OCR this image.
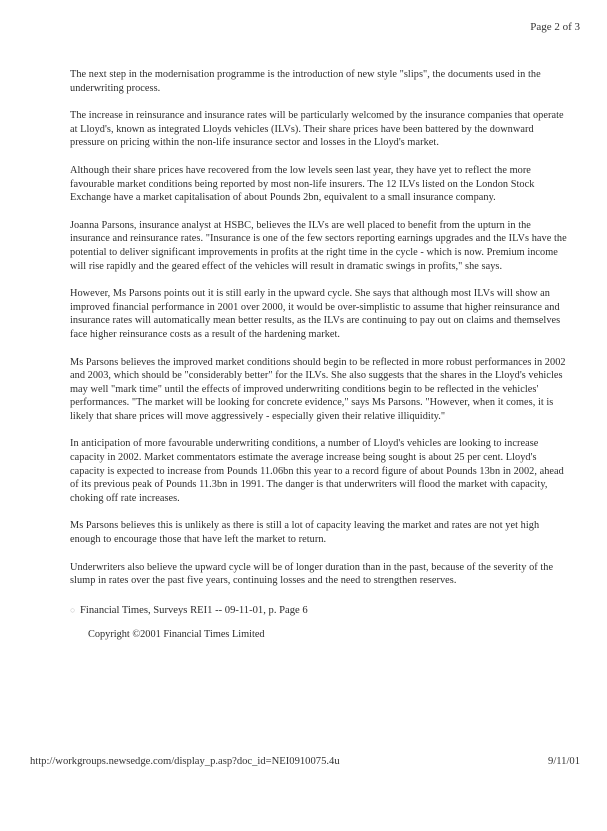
Page 2 of 3

The next step in the modernisation programme is the introduction of new style "slips", the documents used in the underwriting process.

The increase in reinsurance and insurance rates will be particularly welcomed by the insurance companies that operate at Lloyd's, known as integrated Lloyds vehicles (ILVs). Their share prices have been battered by the downward pressure on pricing within the non-life insurance sector and losses in the Lloyd's market.

Although their share prices have recovered from the low levels seen last year, they have yet to reflect the more favourable market conditions being reported by most non-life insurers. The 12 ILVs listed on the London Stock Exchange have a market capitalisation of about Pounds 2bn, equivalent to a small insurance company.

Joanna Parsons, insurance analyst at HSBC, believes the ILVs are well placed to benefit from the upturn in the insurance and reinsurance rates. "Insurance is one of the few sectors reporting earnings upgrades and the ILVs have the potential to deliver significant improvements in profits at the right time in the cycle - which is now. Premium income will rise rapidly and the geared effect of the vehicles will result in dramatic swings in profits," she says.

However, Ms Parsons points out it is still early in the upward cycle. She says that although most ILVs will show an improved financial performance in 2001 over 2000, it would be over-simplistic to assume that higher reinsurance and insurance rates will automatically mean better results, as the ILVs are continuing to pay out on claims and themselves face higher reinsurance costs as a result of the hardening market.

Ms Parsons believes the improved market conditions should begin to be reflected in more robust performances in 2002 and 2003, which should be "considerably better" for the ILVs. She also suggests that the shares in the Lloyd's vehicles may well "mark time" until the effects of improved underwriting conditions begin to be reflected in the vehicles' performances. "The market will be looking for concrete evidence," says Ms Parsons. "However, when it comes, it is likely that share prices will move aggressively - especially given their relative illiquidity."

In anticipation of more favourable underwriting conditions, a number of Lloyd's vehicles are looking to increase capacity in 2002. Market commentators estimate the average increase being sought is about 25 per cent. Lloyd's capacity is expected to increase from Pounds 11.06bn this year to a record figure of about Pounds 13bn in 2002, ahead of its previous peak of Pounds 11.3bn in 1991. The danger is that underwriters will flood the market with capacity, choking off rate increases.

Ms Parsons believes this is unlikely as there is still a lot of capacity leaving the market and rates are not yet high enough to encourage those that have left the market to return.

Underwriters also believe the upward cycle will be of longer duration than in the past, because of the severity of the slump in rates over the past five years, continuing losses and the need to strengthen reserves.

○ Financial Times, Surveys REI1 -- 09-11-01, p. Page 6
Copyright ©2001 Financial Times Limited
http://workgroups.newsedge.com/display_p.asp?doc_id=NEI0910075.4u	9/11/01
